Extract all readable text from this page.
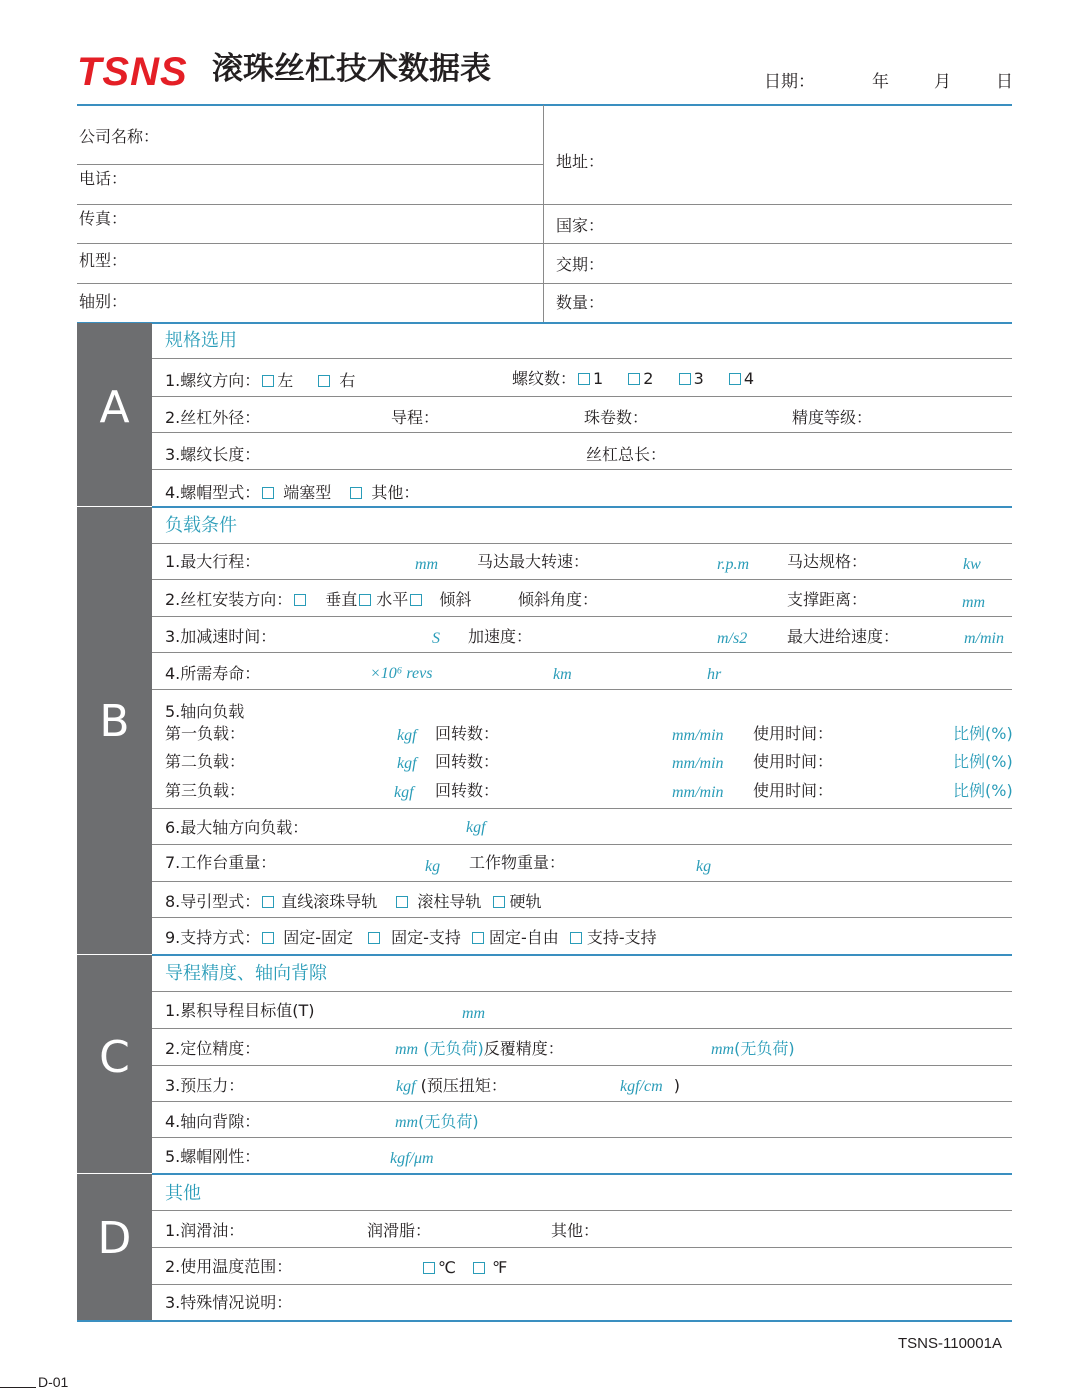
TSNS 滚珠丝杠技术数据表	日期：	年	月	日
公司名称：
电话：
传真：
机型：
轴别：
地址：
国家：
交期：
数量：
A
B
C
D
规格选用
1.螺纹方向： 左	右	螺纹数： 1	2	3	4
2.丝杠外径：	导程：	珠卷数：	精度等级：
3.螺纹长度：	丝杠总长：
4.螺帽型式： 端塞型	其他：
负载条件
1.最大行程：	mm 马达最大转速：	r.p.m 马达规格：	kw
2.丝杠安装方向： 垂直 水平 倾斜	倾斜角度：	支撑距离：	mm
3.加减速时间：	S 加速度：	m/s2 最大进给速度：	m/min
4.所需寿命：	×10⁶ revs	km	hr
5.轴向负载
第一负载：	kgf 回转数：	mm/min 使用时间：	比例(%)
第二负载：	kgf 回转数：	mm/min 使用时间：	比例(%)
第三负载：	kgf 回转数：	mm/min 使用时间：	比例(%)
6.最大轴方向负载：	kgf
7.工作台重量：	kg 工作物重量：	kg
8.导引型式： 直线滚珠导轨	滚柱导轨 硬轨
9.支持方式： 固定-固定 固定-支持 固定-自由 支持-支持
导程精度、轴向背隙
1.累积导程目标值(T)	mm
2.定位精度：	mm (无负荷)反覆精度：	mm(无负荷)
3.预压力：	kgf (预压扭矩：	kgf/cm )
4.轴向背隙：	mm(无负荷)
5.螺帽刚性：	kgf/μm
其他
1.润滑油：	润滑脂：	其他：
2.使用温度范围：	℃ ℉
3.特殊情况说明：
TSNS-110001A
D-01
